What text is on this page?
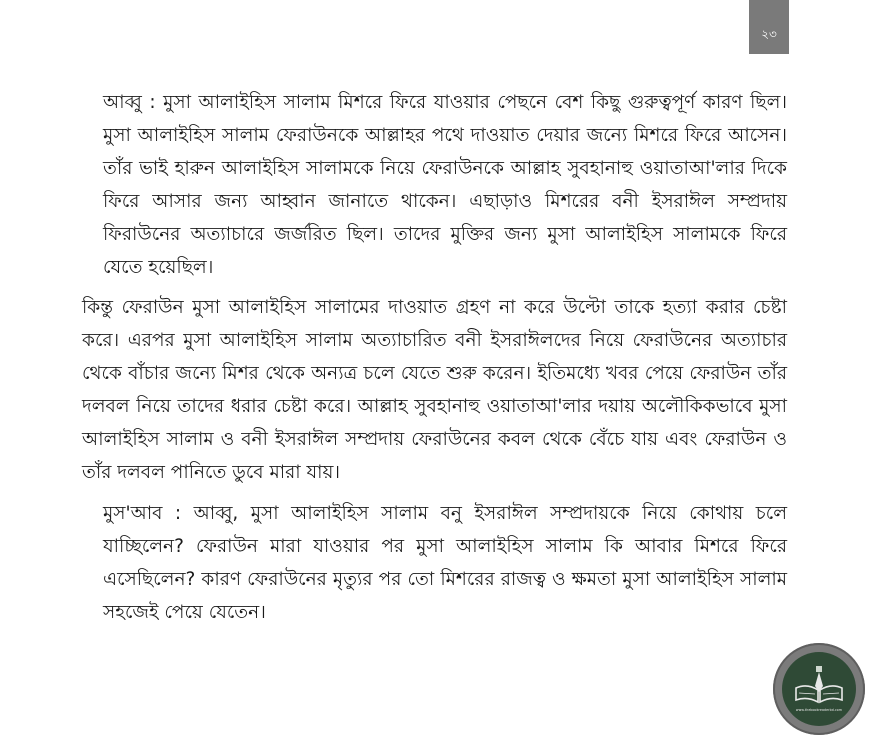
২৩

আব্বু : মুসা আলাইহিস সালাম মিশরে ফিরে যাওয়ার পেছনে বেশ কিছু গুরুত্বপূর্ণ কারণ ছিল। মুসা আলাইহিস সালাম ফেরাউনকে আল্লাহর পথে দাওয়াত দেয়ার জন্যে মিশরে ফিরে আসেন। তাঁর ভাই হারুন আলাইহিস সালামকে নিয়ে ফেরাউনকে আল্লাহ সুবহানাহু ওয়াতাআ'লার দিকে ফিরে আসার জন্য আহ্বান জানাতে থাকেন। এছাড়াও মিশরের বনী ইসরাঈল সম্প্রদায় ফিরাউনের অত্যাচারে জর্জরিত ছিল। তাদের মুক্তির জন্য মুসা আলাইহিস সালামকে ফিরে যেতে হয়েছিল।

কিন্তু ফেরাউন মুসা আলাইহিস সালামের দাওয়াত গ্রহণ না করে উল্টো তাকে হত্যা করার চেষ্টা করে। এরপর মুসা আলাইহিস সালাম অত্যাচারিত বনী ইসরাঈলদের নিয়ে ফেরাউনের অত্যাচার থেকে বাঁচার জন্যে মিশর থেকে অন্যত্র চলে যেতে শুরু করেন। ইতিমধ্যে খবর পেয়ে ফেরাউন তাঁর দলবল নিয়ে তাদের ধরার চেষ্টা করে। আল্লাহ সুবহানাহু ওয়াতাআ'লার দয়ায় অলৌকিকভাবে মুসা আলাইহিস সালাম ও বনী ইসরাঈল সম্প্রদায় ফেরাউনের কবল থেকে বেঁচে যায় এবং ফেরাউন ও তাঁর দলবল পানিতে ডুবে মারা যায়।

মুস'আব : আব্বু, মুসা আলাইহিস সালাম বনু ইসরাঈল সম্প্রদায়কে নিয়ে কোথায় চলে যাচ্ছিলেন? ফেরাউন মারা যাওয়ার পর মুসা আলাইহিস সালাম কি আবার মিশরে ফিরে এসেছিলেন? কারণ ফেরাউনের মৃত্যুর পর তো মিশরের রাজত্ব ও ক্ষমতা মুসা আলাইহিস সালাম সহজেই পেয়ে যেতেন।

www.thebookreaderbd.com
